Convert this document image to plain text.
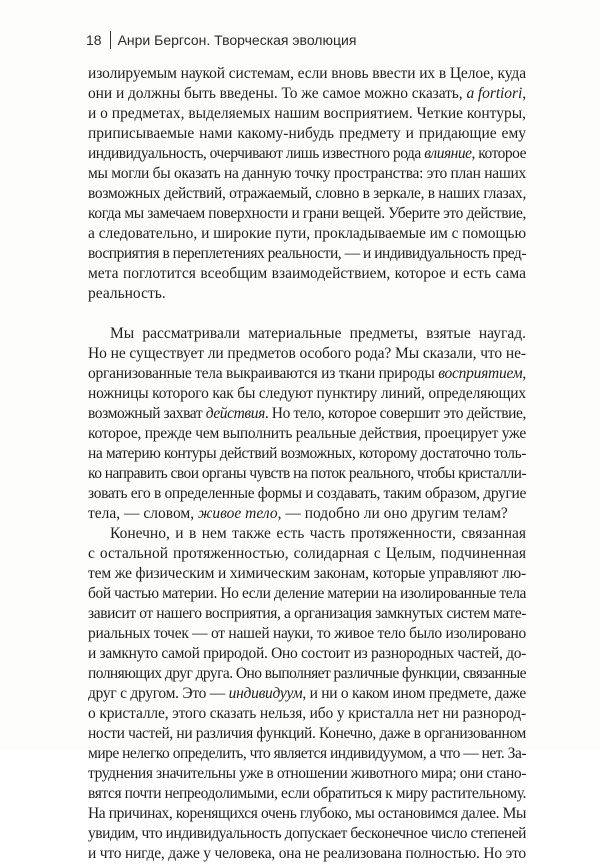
18 Анри Бергсон. Творческая эволюция
изолируемым наукой системам, если вновь ввести их в Целое, куда
они и должны быть введены. То же самое можно сказать, a fortiori,
и о предметах, выделяемых нашим восприятием. Четкие контуры,
приписываемые нами какому-нибудь предмету и придающие ему
индивидуальность, очерчивают лишь известного рода влияние, которое
мы могли бы оказать на данную точку пространства: это план наших
возможных действий, отражаемый, словно в зеркале, в наших глазах,
когда мы замечаем поверхности и грани вещей. Уберите это действие,
а следовательно, и широкие пути, прокладываемые им с помощью
восприятия в переплетениях реальности, — и индивидуальность пред-
мета поглотится всеобщим взаимодействием, которое и есть сама
реальность.
Мы рассматривали материальные предметы, взятые наугад.
Но не существует ли предметов особого рода? Мы сказали, что не-
организованные тела выкраиваются из ткани природы восприятием,
ножницы которого как бы следуют пунктиру линий, определяющих
возможный захват действия. Но тело, которое совершит это действие,
которое, прежде чем выполнить реальные действия, проецирует уже
на материю контуры действий возможных, которому достаточно толь-
ко направить свои органы чувств на поток реального, чтобы кристалли-
зовать его в определенные формы и создавать, таким образом, другие
тела, — словом, живое тело, — подобно ли оно другим телам?
Конечно, и в нем также есть часть протяженности, связанная
с остальной протяженностью, солидарная с Целым, подчиненная
тем же физическим и химическим законам, которые управляют лю-
бой частью материи. Но если деление материи на изолированные тела
зависит от нашего восприятия, а организация замкнутых систем мате-
риальных точек — от нашей науки, то живое тело было изолировано
и замкнуто самой природой. Оно состоит из разнородных частей, до-
полняющих друг друга. Оно выполняет различные функции, связанные
друг с другом. Это — индивидуум, и ни о каком ином предмете, даже
о кристалле, этого сказать нельзя, ибо у кристалла нет ни разнород-
ности частей, ни различия функций. Конечно, даже в организованном
мире нелегко определить, что является индивидуумом, а что — нет. За-
труднения значительны уже в отношении животного мира; они стано-
вятся почти непреодолимыми, если обратиться к миру растительному.
На причинах, коренящихся очень глубоко, мы остановимся далее. Мы
увидим, что индивидуальность допускает бесконечное число степеней
и что нигде, даже у человека, она не реализована полностью. Но это
